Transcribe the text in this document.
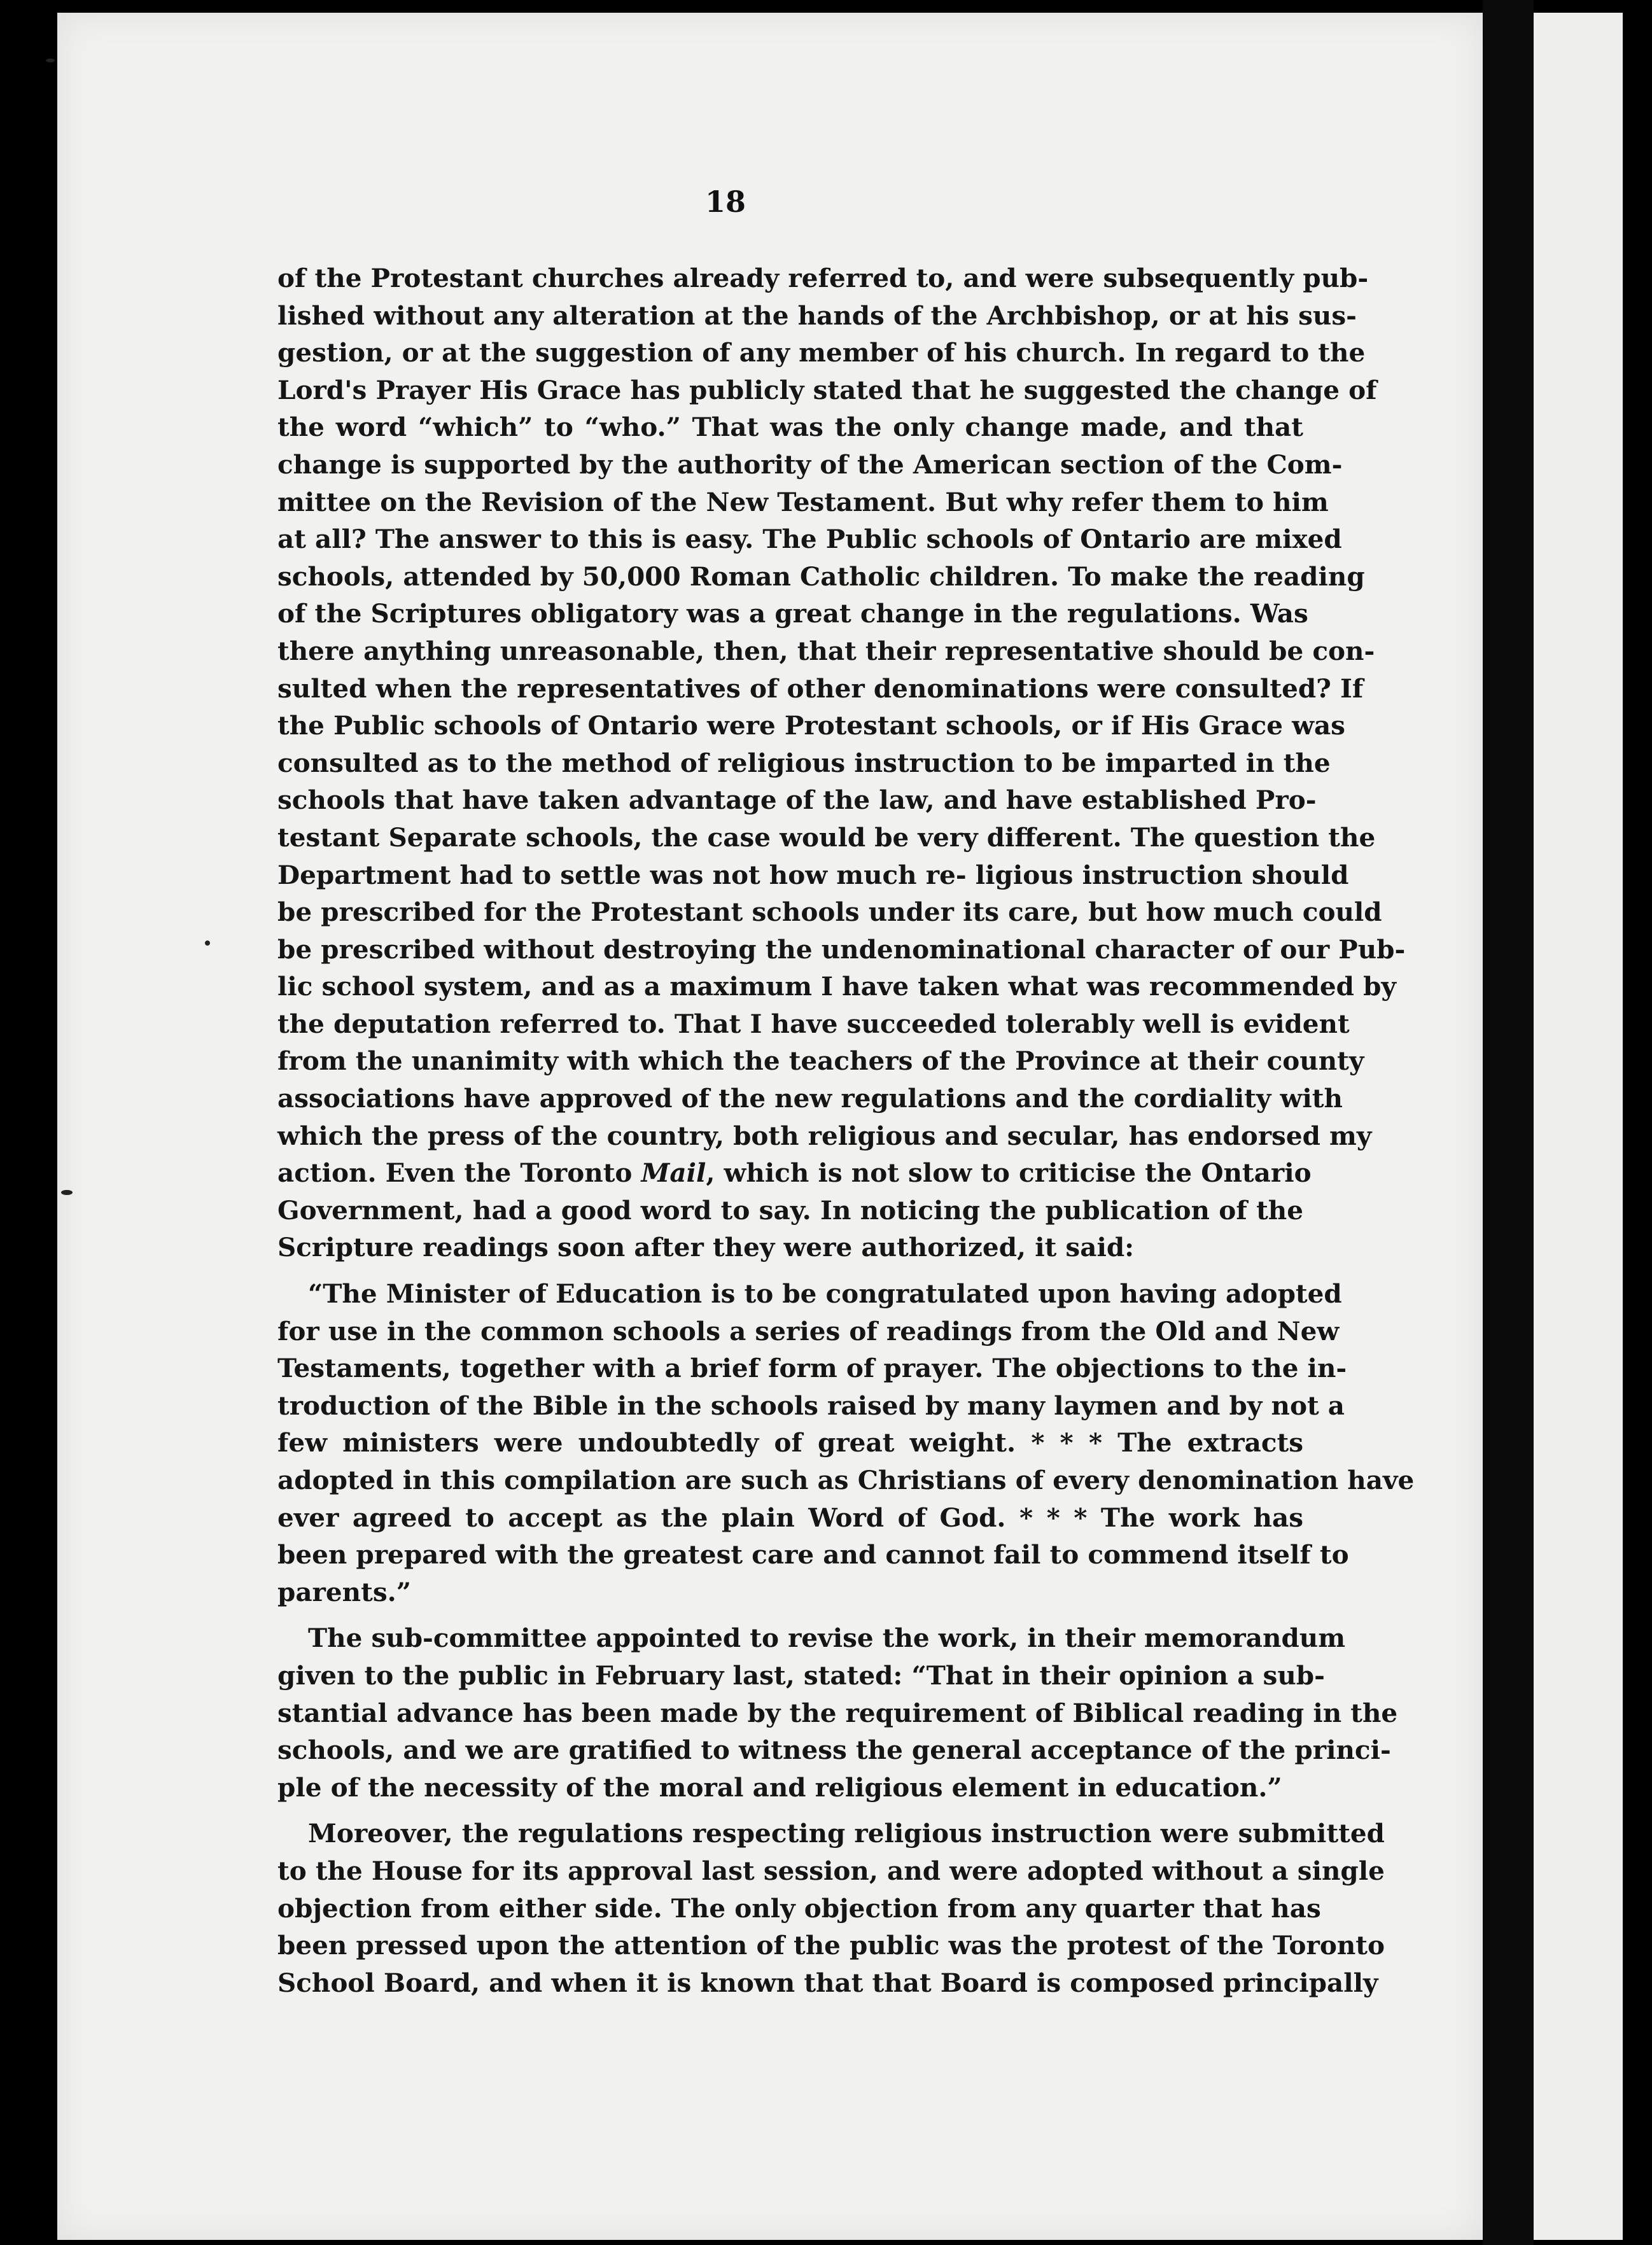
18

of the Protestant churches already referred to, and were subsequently pub-
lished without any alteration at the hands of the Archbishop, or at his sus-
gestion, or at the suggestion of any member of his church. In regard to the
Lord's Prayer His Grace has publicly stated that he suggested the change of
the word “which” to “who.” That was the only change made, and that
change is supported by the authority of the American section of the Com-
mittee on the Revision of the New Testament. But why refer them to him
at all? The answer to this is easy. The Public schools of Ontario are mixed
schools, attended by 50,000 Roman Catholic children. To make the reading
of the Scriptures obligatory was a great change in the regulations. Was
there anything unreasonable, then, that their representative should be con-
sulted when the representatives of other denominations were consulted? If
the Public schools of Ontario were Protestant schools, or if His Grace was
consulted as to the method of religious instruction to be imparted in the
schools that have taken advantage of the law, and have established Pro-
testant Separate schools, the case would be very different. The question the
Department had to settle was not how much re- ligious instruction should
be prescribed for the Protestant schools under its care, but how much could
be prescribed without destroying the undenominational character of our Pub-
lic school system, and as a maximum I have taken what was recommended by
the deputation referred to. That I have succeeded tolerably well is evident
from the unanimity with which the teachers of the Province at their county
associations have approved of the new regulations and the cordiality with
which the press of the country, both religious and secular, has endorsed my
action. Even the Toronto Mail, which is not slow to criticise the Ontario
Government, had a good word to say. In noticing the publication of the
Scripture readings soon after they were authorized, it said:

“The Minister of Education is to be congratulated upon having adopted
for use in the common schools a series of readings from the Old and New
Testaments, together with a brief form of prayer. The objections to the in-
troduction of the Bible in the schools raised by many laymen and by not a
few ministers were undoubtedly of great weight. * * * The extracts
adopted in this compilation are such as Christians of every denomination have
ever agreed to accept as the plain Word of God. * * * The work has
been prepared with the greatest care and cannot fail to commend itself to
parents.”

The sub-committee appointed to revise the work, in their memorandum
given to the public in February last, stated: “That in their opinion a sub-
stantial advance has been made by the requirement of Biblical reading in the
schools, and we are gratified to witness the general acceptance of the princi-
ple of the necessity of the moral and religious element in education.”

Moreover, the regulations respecting religious instruction were submitted
to the House for its approval last session, and were adopted without a single
objection from either side. The only objection from any quarter that has
been pressed upon the attention of the public was the protest of the Toronto
School Board, and when it is known that that Board is composed principally
